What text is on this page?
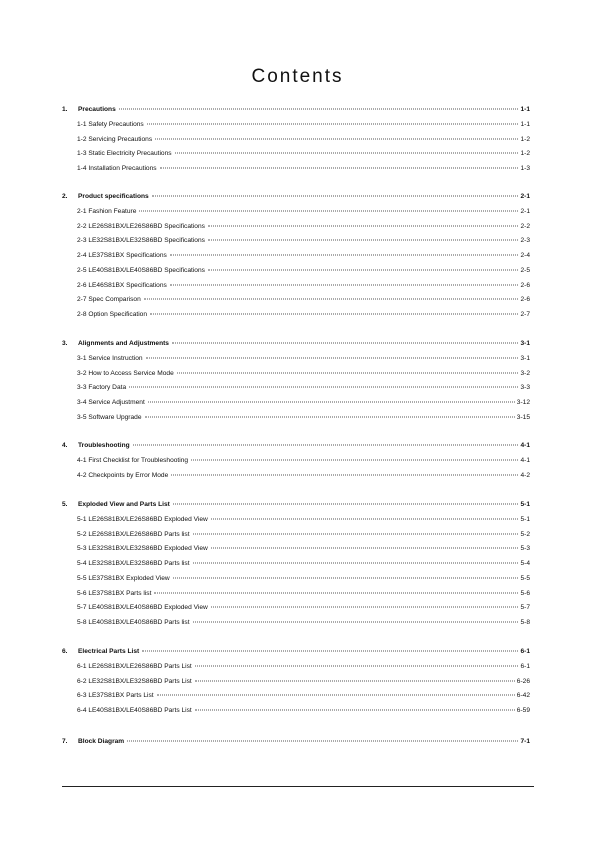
Contents
1.	Precautions	1-1
1-1 Safety Precautions	1-1
1-2 Servicing Precautions	1-2
1-3 Static Electricity Precautions	1-2
1-4 Installation Precautions	1-3
2.	Product specifications	2-1
2-1 Fashion Feature	2-1
2-2 LE26S81BX/LE26S86BD Specifications	2-2
2-3 LE32S81BX/LE32S86BD Specifications	2-3
2-4 LE37S81BX Specifications	2-4
2-5 LE40S81BX/LE40S86BD Specifications	2-5
2-6 LE46S81BX Specifications	2-6
2-7 Spec Comparison	2-6
2-8 Option Specification	2-7
3.	Alignments and Adjustments	3-1
3-1 Service Instruction	3-1
3-2 How to Access Service Mode	3-2
3-3 Factory Data	3-3
3-4 Service Adjustment	3-12
3-5 Software Upgrade	3-15
4.	Troubleshooting	4-1
4-1 First Checklist for Troubleshooting	4-1
4-2 Checkpoints by Error Mode	4-2
5.	Exploded View and Parts List	5-1
5-1 LE26S81BX/LE26S86BD Exploded View	5-1
5-2 LE26S81BX/LE26S86BD Parts list	5-2
5-3 LE32S81BX/LE32S86BD Exploded View	5-3
5-4 LE32S81BX/LE32S86BD Parts list	5-4
5-5 LE37S81BX Exploded View	5-5
5-6 LE37S81BX Parts list	5-6
5-7 LE40S81BX/LE40S86BD Exploded View	5-7
5-8 LE40S81BX/LE40S86BD Parts list	5-8
6.	Electrical Parts List	6-1
6-1 LE26S81BX/LE26S86BD Parts List	6-1
6-2 LE32S81BX/LE32S86BD Parts List	6-26
6-3 LE37S81BX Parts List	6-42
6-4 LE40S81BX/LE40S86BD Parts List	6-59
7.	Block Diagram	7-1
